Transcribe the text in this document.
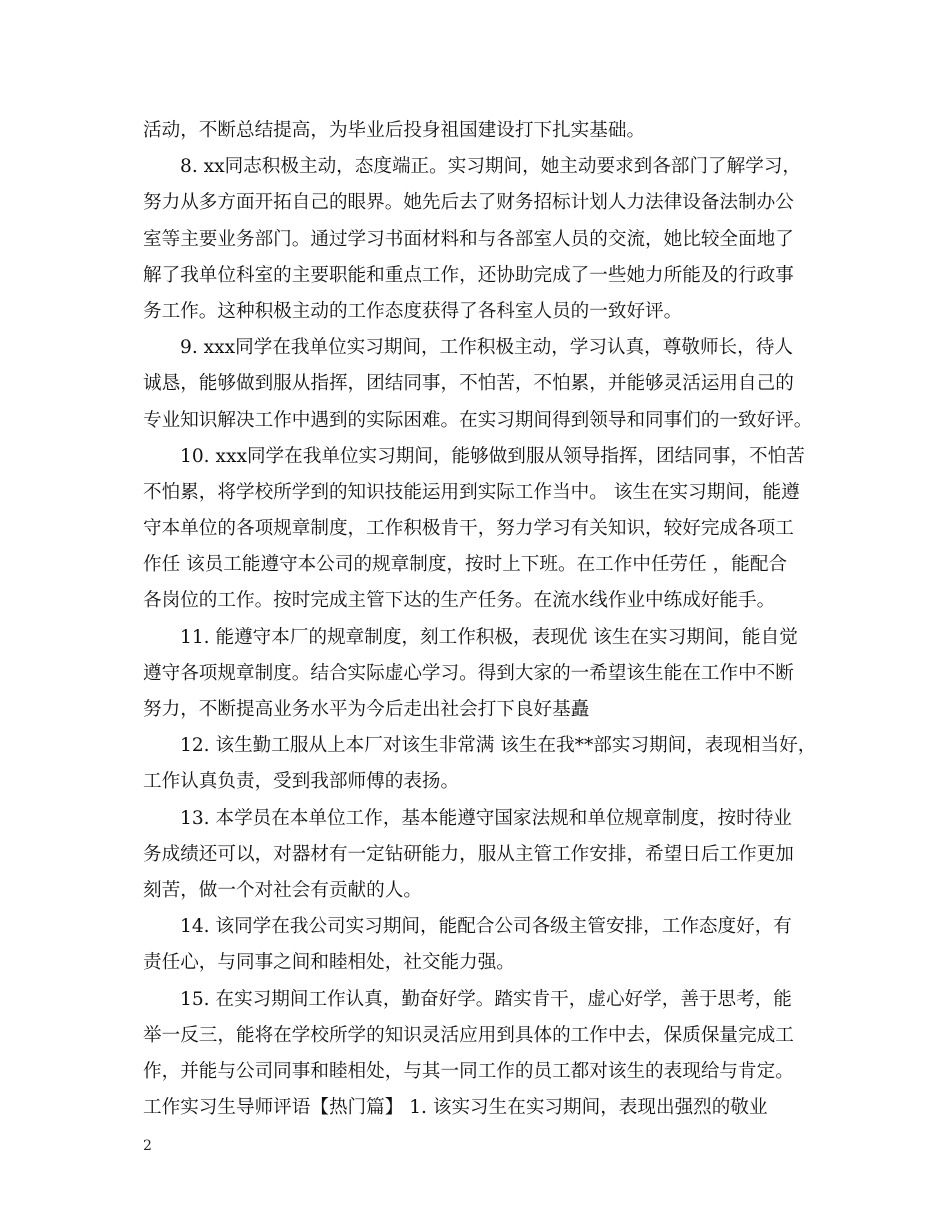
活动，不断总结提高，为毕业后投身祖国建设打下扎实基础。
8. xx同志积极主动，态度端正。实习期间，她主动要求到各部门了解学习，
努力从多方面开拓自己的眼界。她先后去了财务招标计划人力法律设备法制办公
室等主要业务部门。通过学习书面材料和与各部室人员的交流，她比较全面地了
解了我单位科室的主要职能和重点工作，还协助完成了一些她力所能及的行政事
务工作。这种积极主动的工作态度获得了各科室人员的一致好评。
9. xxx同学在我单位实习期间，工作积极主动，学习认真，尊敬师长，待人
诚恳，能够做到服从指挥，团结同事，不怕苦，不怕累，并能够灵活运用自己的
专业知识解决工作中遇到的实际困难。在实习期间得到领导和同事们的一致好评。
10. xxx同学在我单位实习期间，能够做到服从领导指挥，团结同事，不怕苦
不怕累，将学校所学到的知识技能运用到实际工作当中。 该生在实习期间，能遵
守本单位的各项规章制度，工作积极肯干，努力学习有关知识，较好完成各项工
作任 该员工能遵守本公司的规章制度，按时上下班。在工作中任劳任 ，能配合
各岗位的工作。按时完成主管下达的生产任务。在流水线作业中练成好能手。
11. 能遵守本厂的规章制度，刻工作积极，表现优 该生在实习期间，能自觉
遵守各项规章制度。结合实际虚心学习。得到大家的一希望该生能在工作中不断
努力，不断提高业务水平为今后走出社会打下良好基矗
12. 该生勤工服从上本厂对该生非常满 该生在我**部实习期间，表现相当好，
工作认真负责，受到我部师傅的表扬。
13. 本学员在本单位工作，基本能遵守国家法规和单位规章制度，按时待业
务成绩还可以，对器材有一定钻研能力，服从主管工作安排，希望日后工作更加
刻苦，做一个对社会有贡献的人。
14. 该同学在我公司实习期间，能配合公司各级主管安排，工作态度好，有
责任心，与同事之间和睦相处，社交能力强。
15. 在实习期间工作认真，勤奋好学。踏实肯干，虚心好学，善于思考，能
举一反三，能将在学校所学的知识灵活应用到具体的工作中去，保质保量完成工
作，并能与公司同事和睦相处，与其一同工作的员工都对该生的表现给与肯定。
工作实习生导师评语【热门篇】 1. 该实习生在实习期间，表现出强烈的敬业
2
